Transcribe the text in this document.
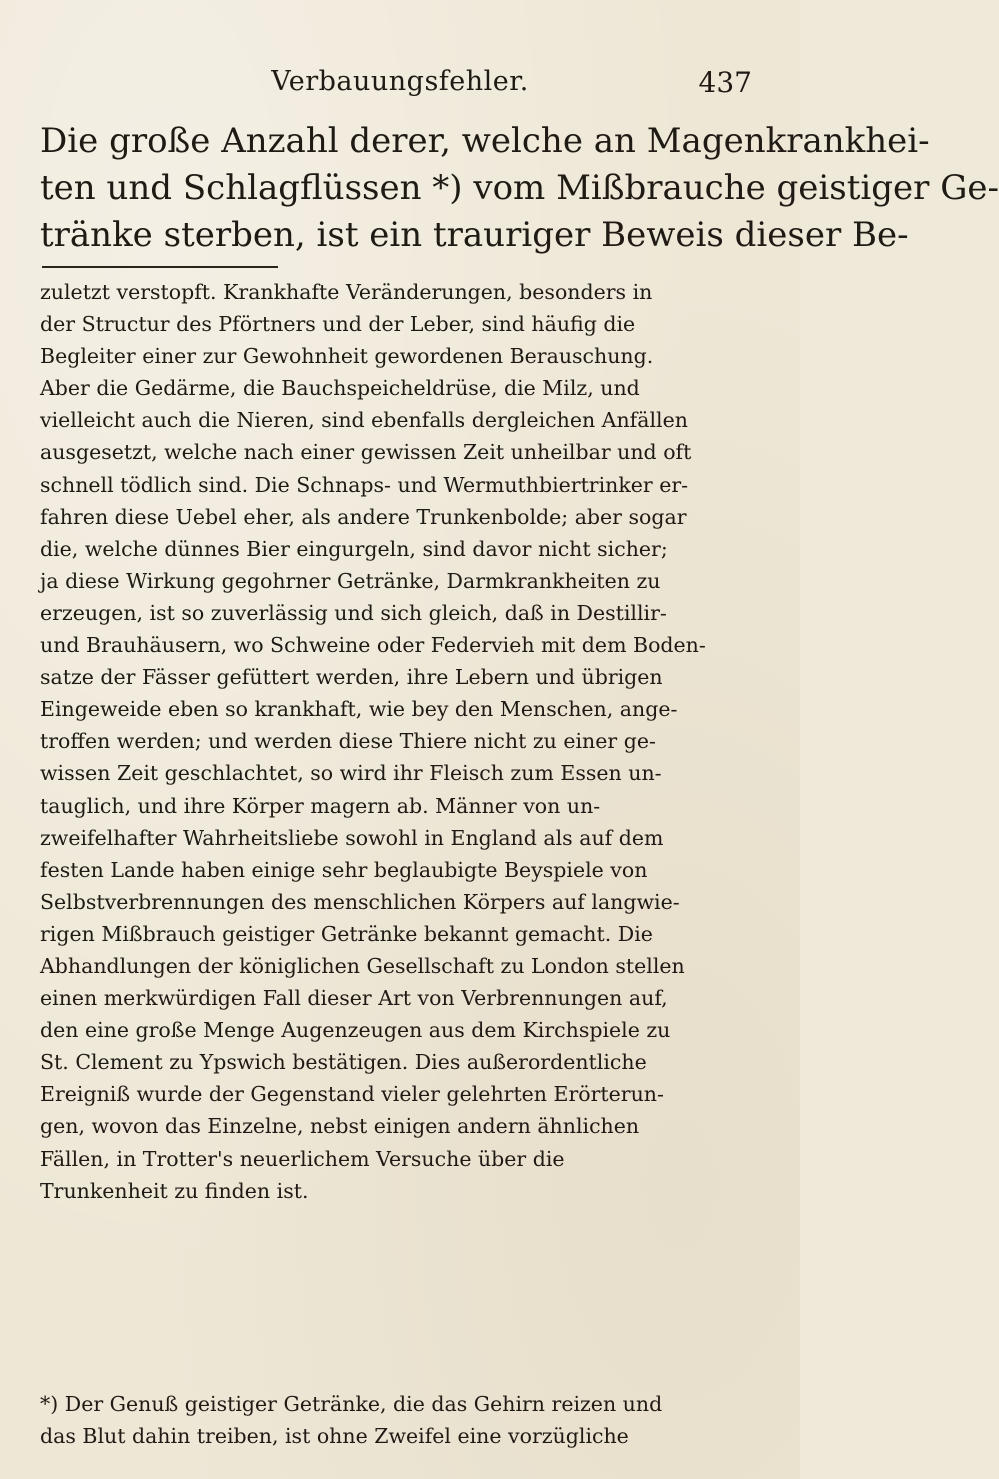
Verbauungsfehler.	437

Die große Anzahl derer, welche an Magenkrankhei-
ten und Schlagflüssen *) vom Mißbrauche geistiger Ge-
tränke sterben, ist ein trauriger Beweis dieser Be-

zuletzt verstopft. Krankhafte Veränderungen, besonders in
der Structur des Pförtners und der Leber, sind häufig die
Begleiter einer zur Gewohnheit gewordenen Berauschung.
Aber die Gedärme, die Bauchspeicheldrüse, die Milz, und
vielleicht auch die Nieren, sind ebenfalls dergleichen Anfällen
ausgesetzt, welche nach einer gewissen Zeit unheilbar und oft
schnell tödlich sind. Die Schnaps- und Wermuthbiertrinker er-
fahren diese Uebel eher, als andere Trunkenbolde; aber sogar
die, welche dünnes Bier eingurgeln, sind davor nicht sicher;
ja diese Wirkung gegohrner Getränke, Darmkrankheiten zu
erzeugen, ist so zuverlässig und sich gleich, daß in Destillir-
und Brauhäusern, wo Schweine oder Federvieh mit dem Boden-
satze der Fässer gefüttert werden, ihre Lebern und übrigen
Eingeweide eben so krankhaft, wie bey den Menschen, ange-
troffen werden; und werden diese Thiere nicht zu einer ge-
wissen Zeit geschlachtet, so wird ihr Fleisch zum Essen un-
tauglich, und ihre Körper magern ab. Männer von un-
zweifelhafter Wahrheitsliebe sowohl in England als auf dem
festen Lande haben einige sehr beglaubigte Beyspiele von
Selbstverbrennungen des menschlichen Körpers auf langwie-
rigen Mißbrauch geistiger Getränke bekannt gemacht. Die
Abhandlungen der königlichen Gesellschaft zu London stellen
einen merkwürdigen Fall dieser Art von Verbrennungen auf,
den eine große Menge Augenzeugen aus dem Kirchspiele zu
St. Clement zu Ypswich bestätigen. Dies außerordentliche
Ereigniß wurde der Gegenstand vieler gelehrten Erörterun-
gen, wovon das Einzelne, nebst einigen andern ähnlichen
Fällen, in Trotter's neuerlichem Versuche über die
Trunkenheit zu finden ist.

*) Der Genuß geistiger Getränke, die das Gehirn reizen und
das Blut dahin treiben, ist ohne Zweifel eine vorzügliche
